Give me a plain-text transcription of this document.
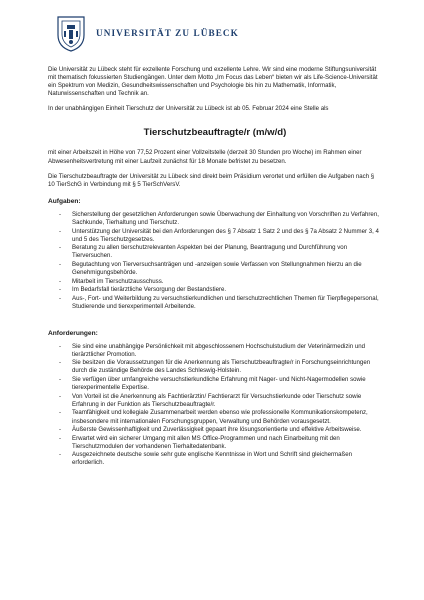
UNIVERSITÄT ZU LÜBECK

Die Universität zu Lübeck steht für exzellente Forschung und exzellente Lehre. Wir sind eine moderne Stiftungsuniversität mit thematisch fokussierten Studiengängen. Unter dem Motto „Im Focus das Leben“ bieten wir als Life-Science-Universität ein Spektrum von Medizin, Gesundheitswissenschaften und Psychologie bis hin zu Mathematik, Informatik, Naturwissenschaften und Technik an.

In der unabhängigen Einheit Tierschutz der Universität zu Lübeck ist ab 05. Februar 2024 eine Stelle als

Tierschutzbeauftragte/r (m/w/d)

mit einer Arbeitszeit in Höhe von 77,52 Prozent einer Vollzeitstelle (derzeit 30 Stunden pro Woche) im Rahmen einer Abwesenheitsvertretung mit einer Laufzeit zunächst für 18 Monate befristet zu besetzen.

Die Tierschutzbeauftragte der Universität zu Lübeck sind direkt beim Präsidium verortet und erfüllen die Aufgaben nach § 10 TierSchG in Verbindung mit § 5 TierSchVersV.

Aufgaben:
- Sicherstellung der gesetzlichen Anforderungen sowie Überwachung der Einhaltung von Vorschriften zu Verfahren, Sachkunde, Tierhaltung und Tierschutz.
- Unterstützung der Universität bei den Anforderungen des § 7 Absatz 1 Satz 2 und des § 7a Absatz 2 Nummer 3, 4 und 5 des Tierschutzgesetzes.
- Beratung zu allen tierschutzrelevanten Aspekten bei der Planung, Beantragung und Durchführung von Tierversuchen.
- Begutachtung von Tierversuchsanträgen und -anzeigen sowie Verfassen von Stellungnahmen hierzu an die Genehmigungsbehörde.
- Mitarbeit im Tierschutzausschuss.
- Im Bedarfsfall tierärztliche Versorgung der Bestandstiere.
- Aus-, Fort- und Weiterbildung zu versuchstierkundlichen und tierschutzrechtlichen Themen für Tierpflegepersonal, Studierende und tierexperimentell Arbeitende.
Anforderungen:
- Sie sind eine unabhängige Persönlichkeit mit abgeschlossenem Hochschulstudium der Veterinärmedizin und tierärztlicher Promotion.
- Sie besitzen die Voraussetzungen für die Anerkennung als Tierschutzbeauftragte/r in Forschungseinrichtungen durch die zuständige Behörde des Landes Schleswig-Holstein.
- Sie verfügen über umfangreiche versuchstierkundliche Erfahrung mit Nager- und Nicht-Nagermodellen sowie tierexperimentelle Expertise.
- Von Vorteil ist die Anerkennung als Fachtierärztin/ Fachtierarzt für Versuchstierkunde oder Tierschutz sowie Erfahrung in der Funktion als Tierschutzbeauftragte/r.
- Teamfähigkeit und kollegiale Zusammenarbeit werden ebenso wie professionelle Kommunikationskompetenz, insbesondere mit internationalen Forschungsgruppen, Verwaltung und Behörden vorausgesetzt.
- Äußerste Gewissenhaftigkeit und Zuverlässigkeit gepaart ihre lösungsorientierte und effektive Arbeitsweise.
- Erwartet wird ein sicherer Umgang mit allen MS Office-Programmen und nach Einarbeitung mit den Tierschutzmodulen der vorhandenen Tierhaltedatenbank.
- Ausgezeichnete deutsche sowie sehr gute englische Kenntnisse in Wort und Schrift sind gleichermaßen erforderlich.
